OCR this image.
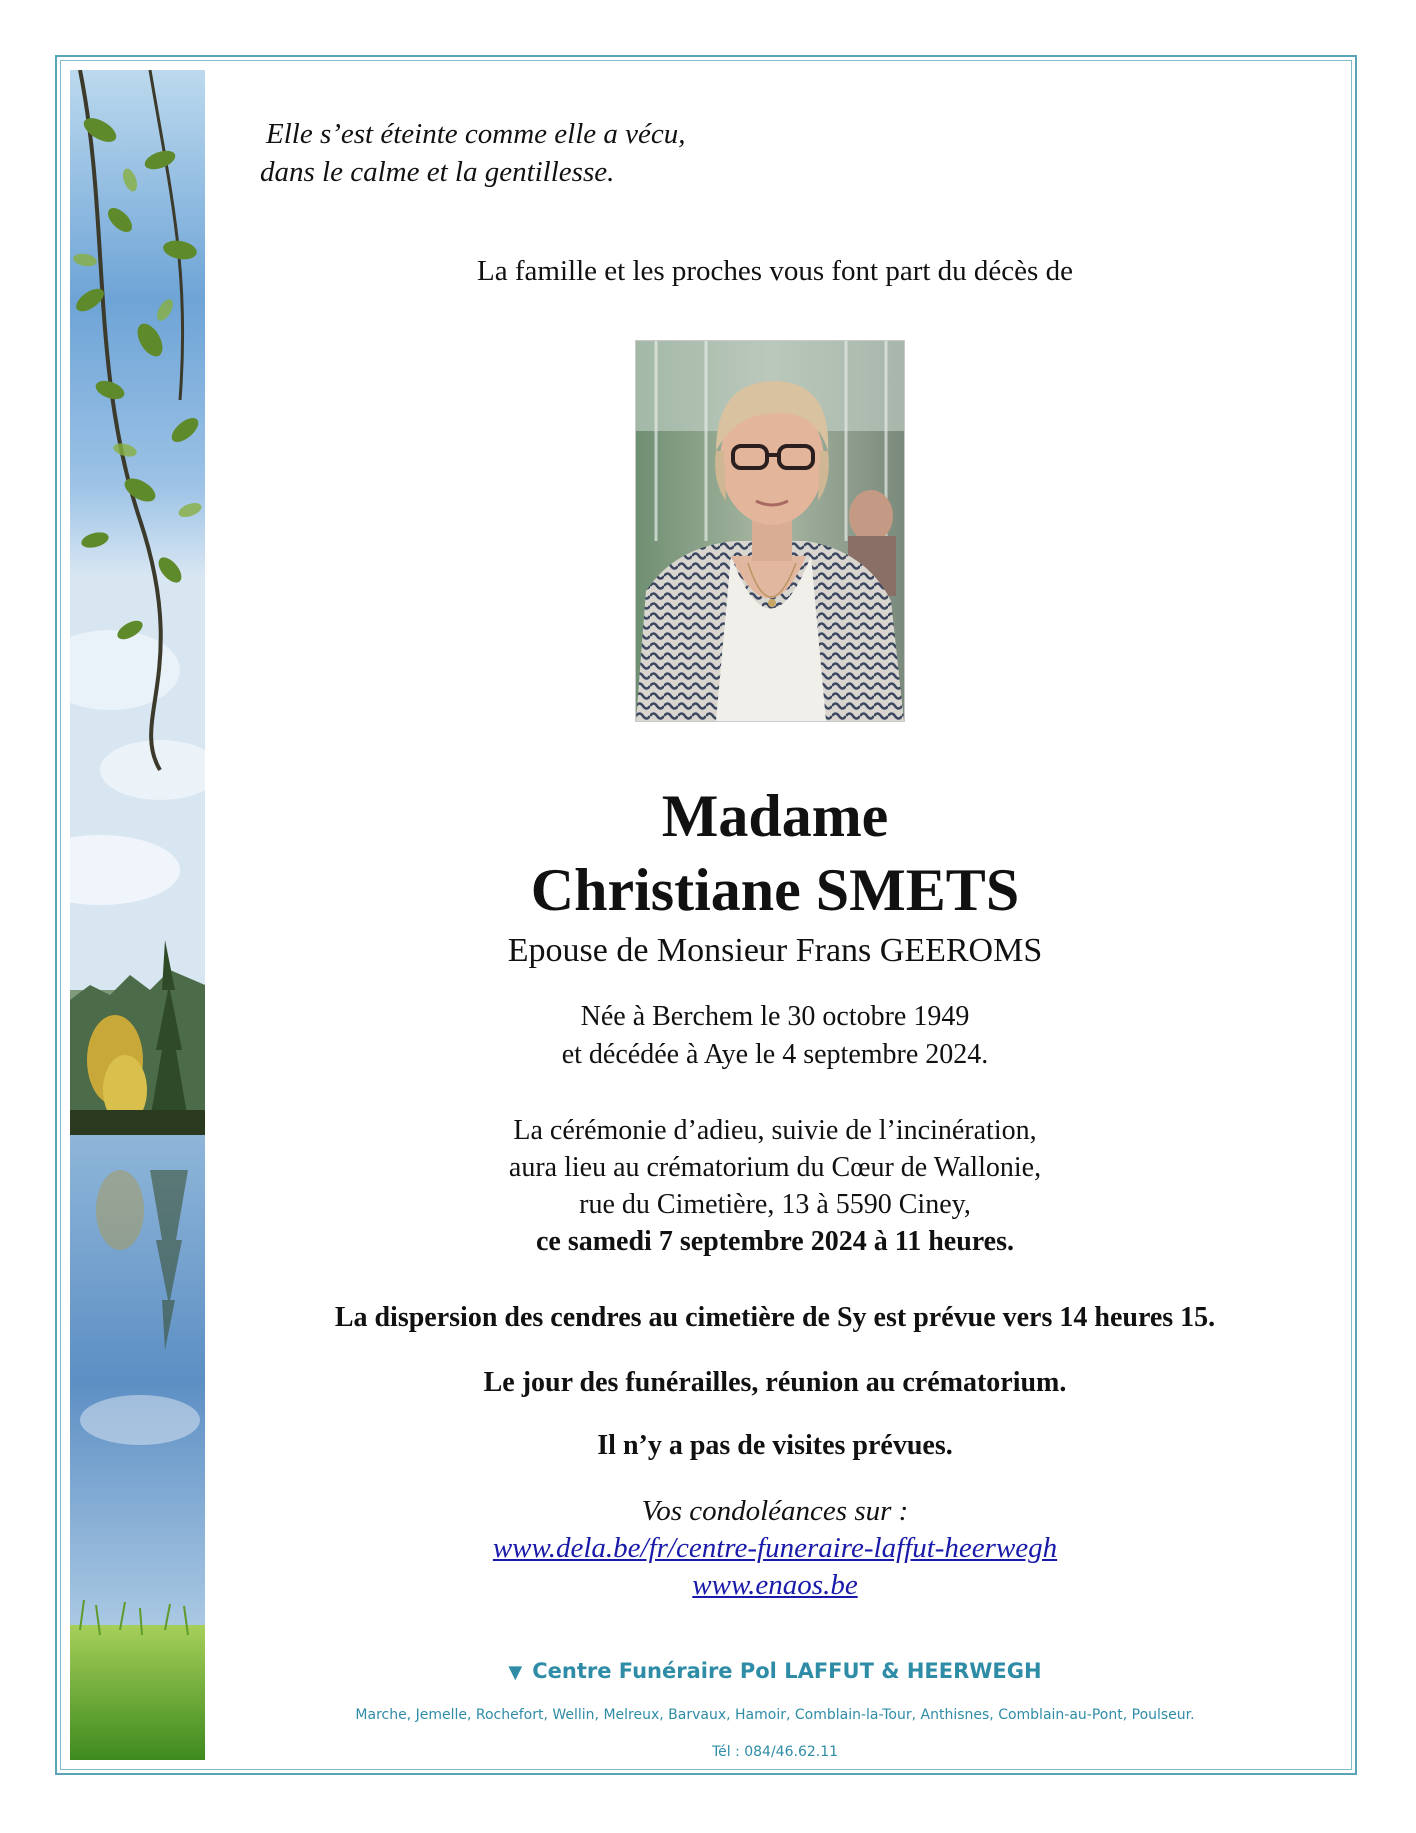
Elle s’est éteinte comme elle a vécu,
dans le calme et la gentillesse.
La famille et les proches vous font part du décès de
Madame
Christiane SMETS
Epouse de Monsieur Frans GEEROMS
Née à Berchem le 30 octobre 1949
et décédée à Aye le 4 septembre 2024.
La cérémonie d’adieu, suivie de l’incinération,
aura lieu au crématorium du Cœur de Wallonie,
rue du Cimetière, 13 à 5590 Ciney,
ce samedi 7 septembre 2024 à 11 heures.
La dispersion des cendres au cimetière de Sy est prévue vers 14 heures 15.
Le jour des funérailles, réunion au crématorium.
Il n’y a pas de visites prévues.
Vos condoléances sur :
www.dela.be/fr/centre-funeraire-laffut-heerwegh
www.enaos.be
▼ Centre Funéraire Pol LAFFUT & HEERWEGH
Marche, Jemelle, Rochefort, Wellin, Melreux, Barvaux, Hamoir, Comblain-la-Tour, Anthisnes, Comblain-au-Pont, Poulseur.
Tél : 084/46.62.11
